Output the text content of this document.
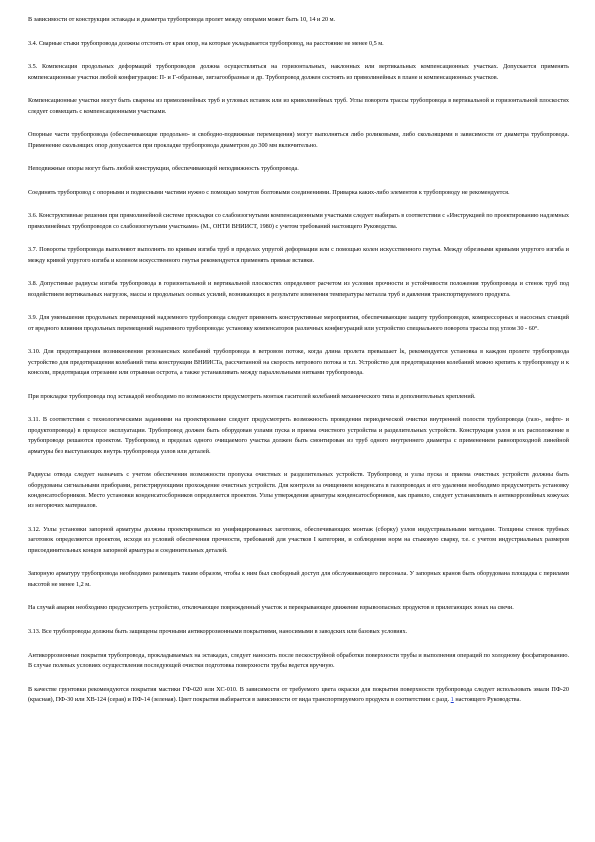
В зависимости от конструкции эстакады и диаметра трубопровода пролет между опорами может быть 10, 14 и 20 м.

3.4. Сварные стыки трубопровода должны отстоять от края опор, на которые укладывается трубопровод, на расстояние не менее 0,5 м.

3.5. Компенсация продольных деформаций трубопроводов должна осуществляться на горизонтальных, наклонных или вертикальных компенсационных участках. Допускается применять компенсационные участки любой конфигурации: П- и Г-образные, зигзагообразные и др. Трубопровод должен состоять из прямолинейных в плане и компенсационных участков.

Компенсационные участки могут быть сварены из прямолинейных труб и угловых вставок или из криволинейных труб. Углы поворота трассы трубопровода в вертикальной и горизонтальной плоскостях следует совмещать с компенсационными участками.

Опорные части трубопровода (обеспечивающие продольно- и свободно-подвижные перемещения) могут выполняться либо роликовыми, либо скользящими в зависимости от диаметра трубопровода. Применение скользящих опор допускается при прокладке трубопровода диаметром до 300 мм включительно.

Неподвижные опоры могут быть любой конструкции, обеспечивающей неподвижность трубопровода.

Соединять трубопровод с опорными и подвесными частями нужно с помощью хомутов болтовыми соединениями. Приварка каких-либо элементов к трубопроводу не рекомендуется.

3.6. Конструктивные решения при прямолинейной системе прокладки со слабоизогнутыми компенсационными участками следует выбирать в соответствии с «Инструкцией по проектированию надземных прямолинейных трубопроводов со слабоизогнутыми участками» (М., ОНТИ ВНИИСТ, 1980) с учетом требований настоящего Руководства.

3.7. Повороты трубопровода выполняют выполнять по кривым изгиба труб в пределах упругой деформации или с помощью колен искусственного гнутья. Между обрезными кривыми упругого изгиба и между кривой упругого изгиба и коленом искусственного гнутья рекомендуется применять прямые вставки.

3.8. Допустимые радиусы изгиба трубопровода в горизонтальной и вертикальной плоскостях определяют расчетом из условия прочности и устойчивости положения трубопровода и стенок труб под воздействием вертикальных нагрузок, массы и продольных осевых усилий, возникающих в результате изменения температуры металла труб и давления транспортируемого продукта.

3.9. Для уменьшения продольных перемещений надземного трубопровода следует применять конструктивные мероприятия, обеспечивающие защиту трубопроводов, компрессорных и насосных станций от вредного влияния продольных перемещений надземного трубопровода: установку компенсаторов различных конфигураций или устройство специального поворота трассы под углом 30 - 60°.

3.10. Для предотвращения возникновения резонансных колебаний трубопровода в ветровом потоке, когда длина пролета превышает lк, рекомендуется установка в каждом пролете трубопровода устройство для предотвращения колебаний типа конструкции ВНИИСТа, рассчитанной на скорость ветрового потока и т.п. Устройство для предотвращения колебаний можно крепить к трубопроводу и к консоли, предотвращая отрезание или отрывная острота, а также устанавливать между параллельными нитками трубопровода.

При прокладке трубопровода под эстакадой необходимо по возможности предусмотреть монтаж гасителей колебаний механического типа и дополнительных креплений.

3.11. В соответствии с технологическими заданиями на проектирование следует предусмотреть возможность проведения периодической очистки внутренней полости трубопровода (газо-, нефте- и продуктопровода) в процессе эксплуатации. Трубопровод должен быть оборудован узлами пуска и приема очистного устройства и разделительных устройств. Конструкция узлов и их расположение в трубопроводе решаются проектом. Трубопровод в пределах одного очищаемого участка должен быть смонтирован из труб одного внутреннего диаметра с применением равнопроходной линейной арматуры без выступающих внутрь трубопровода узлов или деталей.

Радиусы отвода следует назначать с учетом обеспечения возможности пропуска очистных и разделительных устройств. Трубопровод и узлы пуска и приема очистных устройств должны быть оборудованы сигнальными приборами, регистрирующими прохождение очистных устройств. Для контроля за очищением конденсата в газопроводах и его удалении необходимо предусмотреть установку конденсатосборников. Место установки конденсатосборников определяется проектом. Узлы утверждения арматуры конденсатосборников, как правило, следует устанавливать в антикоррозийных кожухах из негорючих материалов.

3.12. Узлы установки запорной арматуры должны проектироваться из унифицированных заготовок, обеспечивающих монтаж (сборку) узлов индустриальными методами. Толщины стенок трубных заготовок определяются проектом, исходя из условий обеспечения прочности, требований для участков I категории, и соблюдения норм на стыковую сварку, т.е. с учетом индустриальных размеров присоединительных концов запорной арматуры и соединительных деталей.

Запорную арматуру трубопровода необходимо размещать таким образом, чтобы к ним был свободный доступ для обслуживающего персонала. У запорных кранов быть оборудована площадка с перилами высотой не менее 1,2 м.

На случай аварии необходимо предусмотреть устройство, отключающее поврежденный участок и перекрывающее движение взрывоопасных продуктов в прилегающих зонах на свечи.

3.13. Все трубопроводы должны быть защищены прочными антикоррозионными покрытиями, наносимыми в заводских или базовых условиях.

Антикоррозионные покрытия трубопровода, прокладываемых на эстакадах, следует наносить после пескоструйной обработки поверхности трубы и выполнения операций по холодному фосфатированию. В случае полевых условиях осуществления последующей очистки подготовка поверхности трубы ведется вручную.

В качестве грунтовки рекомендуются покрытия мастики ГФ-020 или ХС-010. В зависимости от требуемого цвета окраски для покрытия поверхности трубопровода следует использовать эмали ПФ-20 (красная), ПФ-30 или ХВ-124 (серая) и ПФ-14 (зеленая). Цвет покрытия выбирается в зависимости от вида транспортируемого продукта в соответствии с разд. 1 настоящего Руководства.
